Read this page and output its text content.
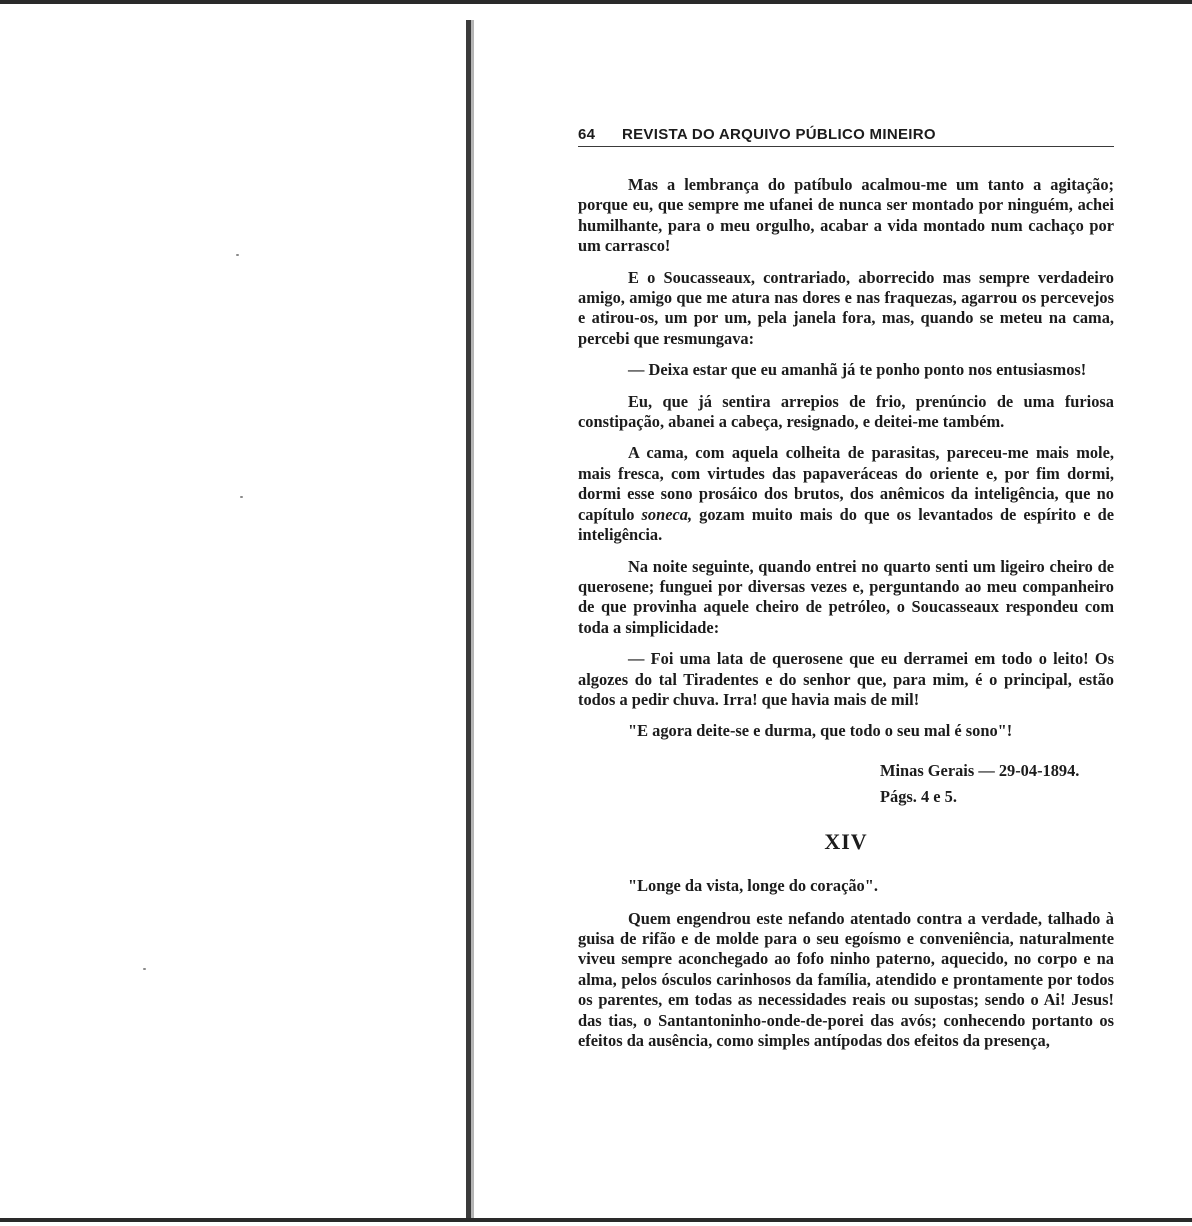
64 REVISTA DO ARQUIVO PÚBLICO MINEIRO

Mas a lembrança do patíbulo acalmou-me um tanto a agitação; porque eu, que sempre me ufanei de nunca ser montado por ninguém, achei humilhante, para o meu orgulho, acabar a vida montado num cachaço por um carrasco!

E o Soucasseaux, contrariado, aborrecido mas sempre verdadeiro amigo, amigo que me atura nas dores e nas fraquezas, agarrou os percevejos e atirou-os, um por um, pela janela fora, mas, quando se meteu na cama, percebi que resmungava:

— Deixa estar que eu amanhã já te ponho ponto nos entusiasmos!

Eu, que já sentira arrepios de frio, prenúncio de uma furiosa constipação, abanei a cabeça, resignado, e deitei-me também.

A cama, com aquela colheita de parasitas, pareceu-me mais mole, mais fresca, com virtudes das papaveráceas do oriente e, por fim dormi, dormi esse sono prosáico dos brutos, dos anêmicos da inteligência, que no capítulo soneca, gozam muito mais do que os levantados de espírito e de inteligência.

Na noite seguinte, quando entrei no quarto senti um ligeiro cheiro de querosene; funguei por diversas vezes e, perguntando ao meu companheiro de que provinha aquele cheiro de petróleo, o Soucasseaux respondeu com toda a simplicidade:

— Foi uma lata de querosene que eu derramei em todo o leito! Os algozes do tal Tiradentes e do senhor que, para mim, é o principal, estão todos a pedir chuva. Irra! que havia mais de mil!

"E agora deite-se e durma, que todo o seu mal é sono"!

Minas Gerais — 29-04-1894.
Págs. 4 e 5.
XIV

"Longe da vista, longe do coração".

Quem engendrou este nefando atentado contra a verdade, talhado à guisa de rifão e de molde para o seu egoísmo e conveniência, naturalmente viveu sempre aconchegado ao fofo ninho paterno, aquecido, no corpo e na alma, pelos ósculos carinhosos da família, atendido e prontamente por todos os parentes, em todas as necessidades reais ou supostas; sendo o Ai! Jesus! das tias, o Santantoninho-onde-de-porei das avós; conhecendo portanto os efeitos da ausência, como simples antípodas dos efeitos da presença,
